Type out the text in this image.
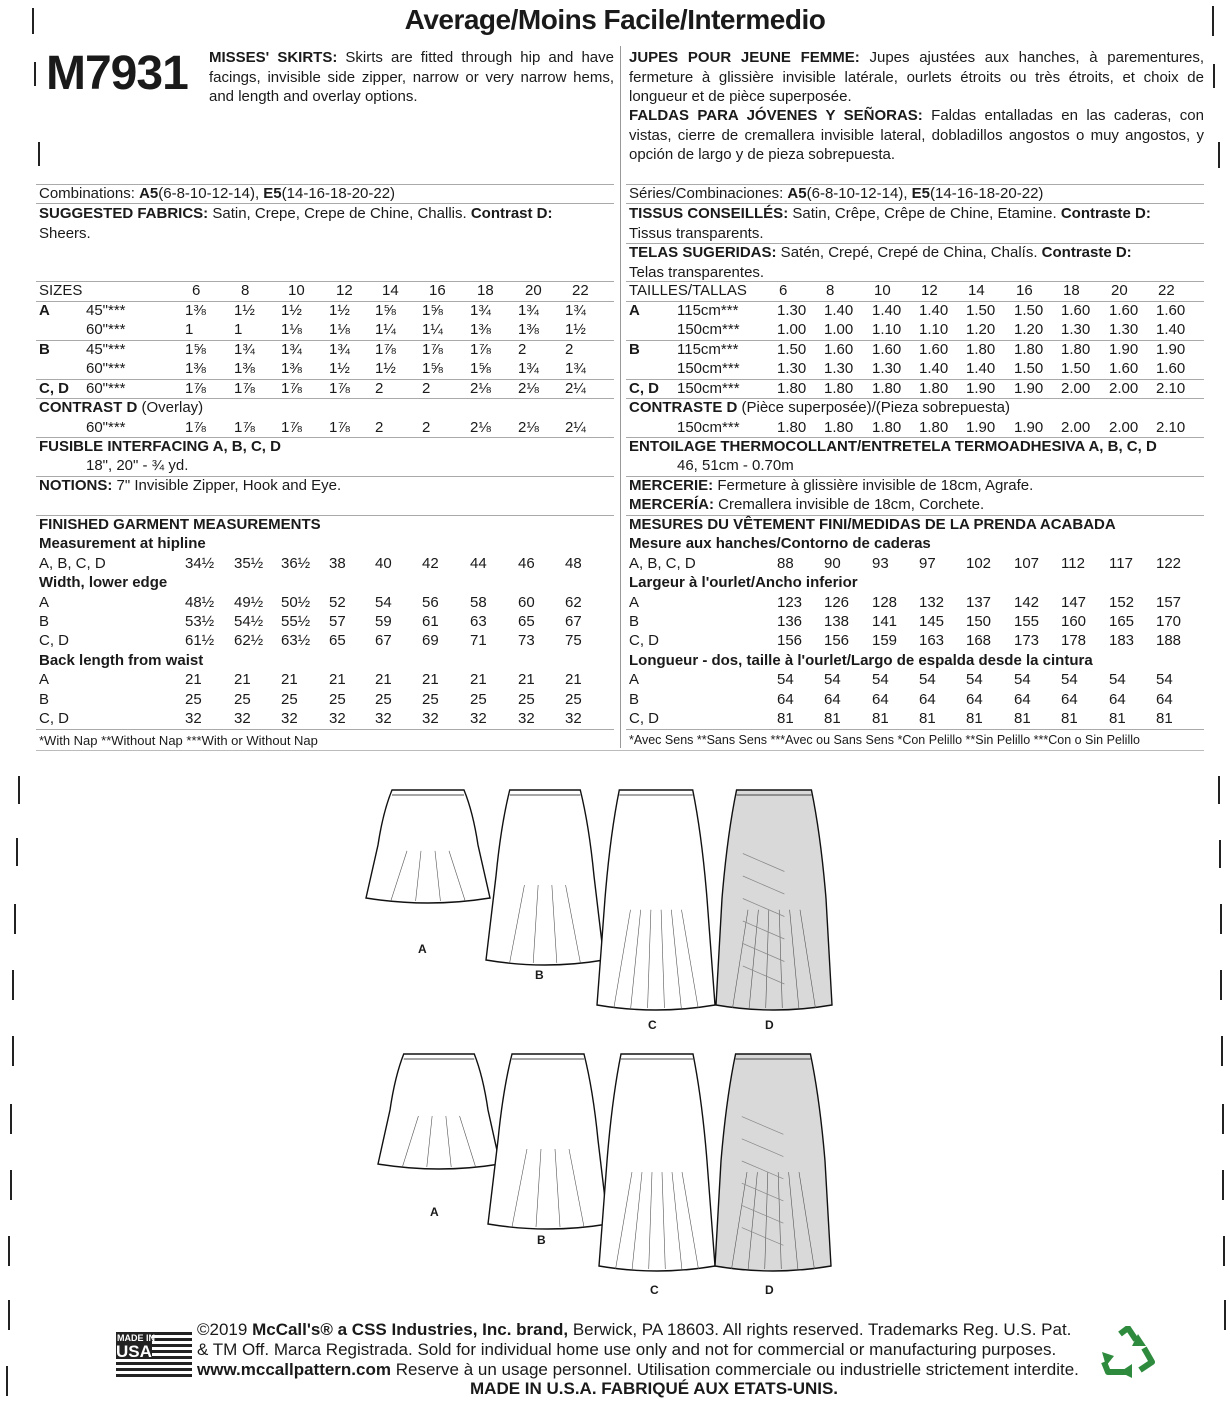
Average/Moins Facile/Intermedio
M7931 MISSES' SKIRTS: Skirts are fitted through hip and have facings, invisible side zipper, narrow or very narrow hems, and length and overlay options.
JUPES POUR JEUNE FEMME: Jupes ajustées aux hanches, à parementures, fermeture à glissière invisible latérale, ourlets étroits ou très étroits, et choix de longueur et de pièce superposée.
FALDAS PARA JÓVENES Y SEÑORAS: Faldas entalladas en las caderas, con vistas, cierre de cremallera invisible lateral, dobladillos angostos o muy angostos, y opción de largo y de pieza sobrepuesta.
Combinations: A5(6-8-10-12-14), E5(14-16-18-20-22)	Séries/Combinaciones: A5(6-8-10-12-14), E5(14-16-18-20-22)
SUGGESTED FABRICS: Satin, Crepe, Crepe de Chine, Challis. Contrast D:
Sheers.
TISSUS CONSEILLÉS: Satin, Crêpe, Crêpe de Chine, Etamine. Contraste D:
Tissus transparents.
TELAS SUGERIDAS: Satén, Crepé, Crepé de China, Chalís. Contraste D:
Telas transparentes.
SIZES	6	8	10 12 14 16 18 20 22
A 45"***	1⅜ 1½ 1½ 1½ 1⅝ 1⅝ 1¾ 1¾ 1¾
60"***	1	1	1⅛ 1⅛ 1¼ 1¼ 1⅜ 1⅜ 1½
B 45"***	1⅝ 1¾ 1¾ 1¾ 1⅞ 1⅞ 1⅞ 2	2
60"***	1⅜ 1⅜ 1⅜ 1½ 1½ 1⅝ 1⅝ 1¾ 1¾
C, D 60"***	1⅞ 1⅞ 1⅞ 1⅞ 2	2	2⅛ 2⅛ 2¼
CONTRAST D (Overlay)
60"***	1⅞ 1⅞ 1⅞ 1⅞ 2	2	2⅛ 2⅛ 2¼
TAILLES/TALLAS 6	8	10 12 14 16 18 20 22
A 115cm***	1.30 1.40 1.40 1.40 1.50 1.50 1.60 1.60 1.60
150cm*** 1.00 1.00 1.10 1.10 1.20 1.20 1.30 1.30 1.40
B 115cm***	1.50 1.60 1.60 1.60 1.80 1.80 1.80 1.90 1.90
150cm*** 1.30 1.30 1.30 1.40 1.40 1.50 1.50 1.60 1.60
C, D 150cm*** 1.80 1.80 1.80 1.80 1.90 1.90 2.00 2.00 2.10
CONTRASTE D (Pièce superposée)/(Pieza sobrepuesta)
150cm*** 1.80 1.80 1.80 1.80 1.90 1.90 2.00 2.00 2.10
FINISHED GARMENT MEASUREMENTS
Measurement at hipline
A, B, C, D	34½ 35½ 36½ 38 40 42 44 46 48
Width, lower edge
A	48½ 49½ 50½ 52 54 56 58 60 62
B	53½ 54½ 55½ 57 59 61 63 65 67
C, D	61½ 62½ 63½ 65 67 69 71 73 75
Back length from waist
A	21 21 21 21 21 21 21 21 21
B	25 25 25 25 25 25 25 25 25
C, D	32 32 32 32 32 32 32 32 32
MESURES DU VÊTEMENT FINI/MEDIDAS DE LA PRENDA ACABADA
Mesure aux hanches/Contorno de caderas
A, B, C, D	88 90 93 97 102 107 112 117 122
Largeur à l'ourlet/Ancho inferior
A	123 126 128 132 137 142 147 152 157
B	136 138 141 145 150 155 160 165 170
C, D	156 156 159 163 168 173 178 183 188
Longueur - dos, taille à l'ourlet/Largo de espalda desde la cintura
A	54 54 54 54 54 54 54 54 54
B	64 64 64 64 64 64 64 64 64
C, D	81 81 81 81 81 81 81 81 81
FUSIBLE INTERFACING A, B, C, D
18", 20" - ¾ yd.
ENTOILAGE THERMOCOLLANT/ENTRETELA TERMOADHESIVA A, B, C, D
46, 51cm - 0.70m
NOTIONS: 7" Invisible Zipper, Hook and Eye.	MERCERIE: Fermeture à glissière invisible de 18cm, Agrafe.
MERCERÍA: Cremallera invisible de 18cm, Corchete.
*With Nap **Without Nap ***With or Without Nap	*Avec Sens **Sans Sens ***Avec ou Sans Sens *Con Pelillo **Sin Pelillo ***Con o Sin Pelillo
A
B
C	D
A
B
C	D
MADE IN
USA
©2019 McCall's® a CSS Industries, Inc. brand, Berwick, PA 18603. All rights reserved. Trademarks Reg. U.S. Pat.
& TM Off. Marca Registrada. Sold for individual home use only and not for commercial or manufacturing purposes.
www.mccallpattern.com Reserve à un usage personnel. Utilisation commerciale ou industrielle strictement interdite.
MADE IN U.S.A. FABRIQUÉ AUX ETATS-UNIS.
